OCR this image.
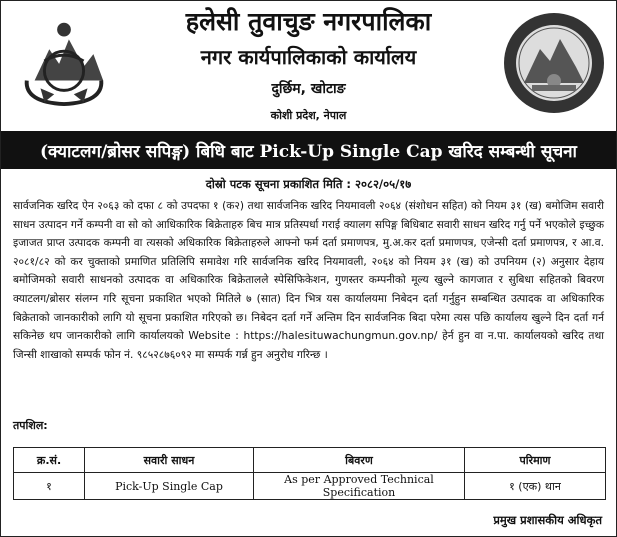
हलेसी तुवाचुङ नगरपालिका
नगर कार्यपालिकाको कार्यालय
दुर्छिम, खोटाङ
कोशी प्रदेश, नेपाल
(क्याटलग/ब्रोसर सपिङ्ग) बिधि बाट Pick-Up Single Cap खरिद सम्बन्धी सूचना
दोस्रो पटक सूचना प्रकाशित मिति : २०८२/०५/१७

सार्वजनिक खरिद ऐन २०६३ को दफा ८ को उपदफा १ (क२) तथा सार्वजनिक खरिद नियमावली २०६४ (संशोधन सहित) को नियम ३१ (ख) बमोजिम सवारी साधन उत्पादन गर्ने कम्पनी वा सो को आधिकारिक बिक्रेताहरु बिच मात्र प्रतिस्पर्धा गराई क्यालग सपिङ्ग बिधिबाट सवारी साधन खरिद गर्नु पर्ने भएकोले इच्छुक इजाजत प्राप्त उत्पादक कम्पनी वा त्यसको अधिकारिक बिक्रेताहरुले आफ्नो फर्म दर्ता प्रमाणपत्र, मु.अ.कर दर्ता प्रमाणपत्र, एजेन्सी दर्ता प्रमाणपत्र, र आ.व. २०८१/८२ को कर चुक्ताको प्रमाणित प्रतिलिपि समावेश गरि सार्वजनिक खरिद नियमावली, २०६४ को नियम ३१ (ख) को उपनियम (२) अनुसार देहाय बमोजिमको सवारी साधनको उत्पादक वा अधिकारिक बिक्रेतालले स्पेसिफिकेशन, गुणस्तर कम्पनीको मूल्य खुल्ने कागजात र सुबिधा सहितको बिवरण क्याटलग/ब्रोसर संलग्न गरि सूचना प्रकाशित भएको मितिले ७ (सात) दिन भित्र यस कार्यालयमा निबेदन दर्ता गर्नुहुन सम्बन्धित उत्पादक वा अधिकारिक बिक्रेताको जानकारीको लागि यो सूचना प्रकाशित गरिएको छ। निबेदन दर्ता गर्ने अन्तिम दिन सार्वजनिक बिदा परेमा त्यस पछि कार्यालय खुल्ने दिन दर्ता गर्न सकिनेछ थप जानकारीको लागि कार्यालयको Website : https://halesituwachungmun.gov.np/ हेर्न हुन वा न.पा. कार्यालयको खरिद तथा जिन्सी शाखाको सम्पर्क फोन नं. ९८५२८७६०९२ मा सम्पर्क गर्न्न हुन अनुरोध गरिन्छ ।

तपशिल:
क्र.सं.	सवारी साधन	बिवरण	परिमाण
१	Pick-Up Single Cap	As per Approved Technical Specification	१ (एक) थान
प्रमुख प्रशासकीय अधिकृत
